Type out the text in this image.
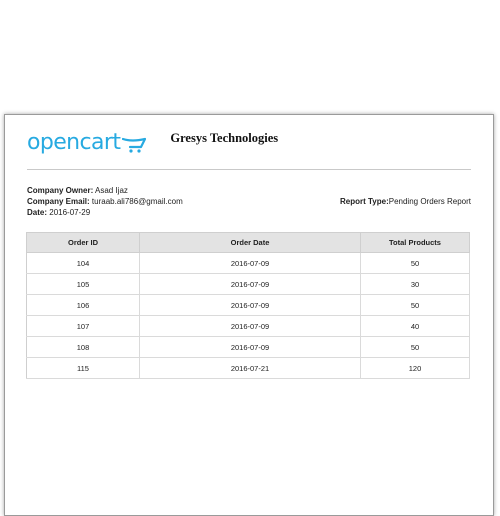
opencart	Gresys Technologies
Company Owner: Asad Ijaz
Company Email: turaab.ali786@gmail.com
Date: 2016-07-29
Report Type:Pending Orders Report
Order ID	Order Date	Total Products
104	2016-07-09	50
105	2016-07-09	30
106	2016-07-09	50
107	2016-07-09	40
108	2016-07-09	50
115	2016-07-21	120
